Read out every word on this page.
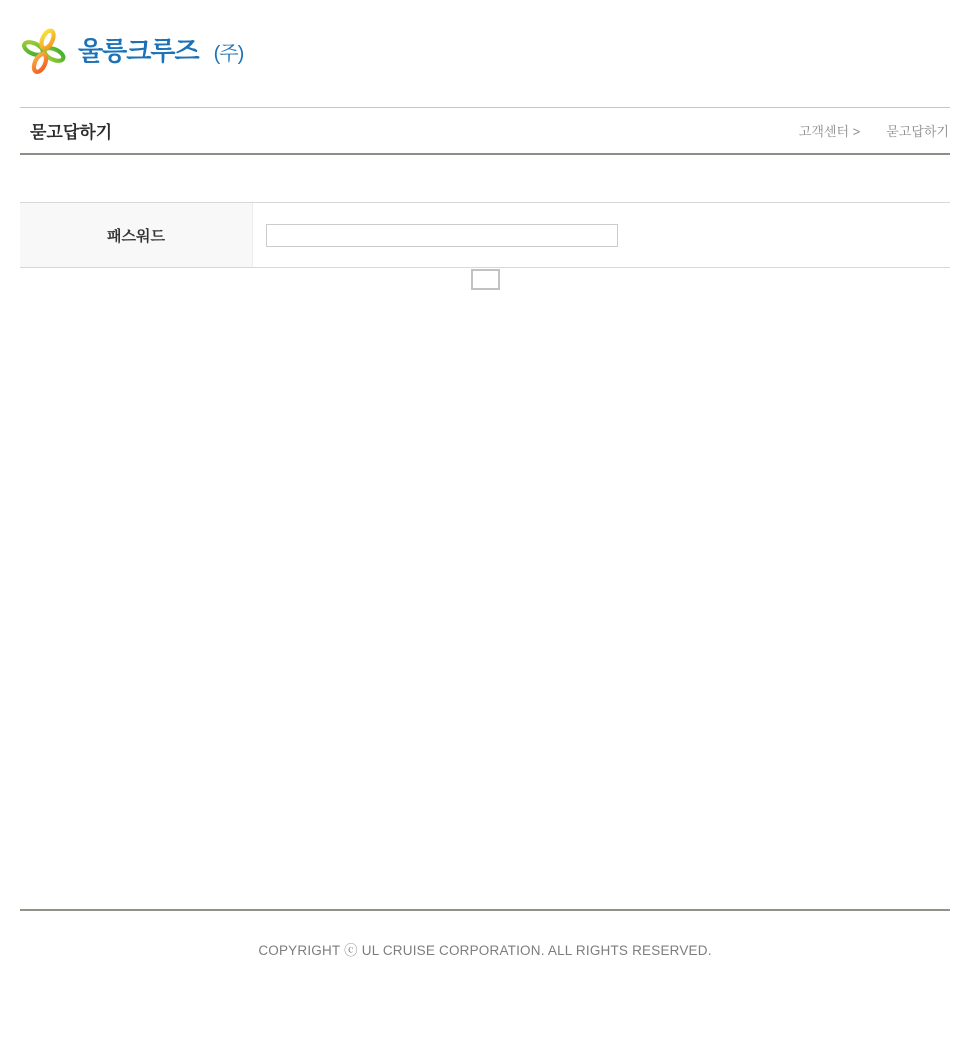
울릉크루즈 (주)
묻고답하기	고객센터 > 묻고답하기
패스워드

COPYRIGHT ⓒ UL CRUISE CORPORATION. ALL RIGHTS RESERVED.
